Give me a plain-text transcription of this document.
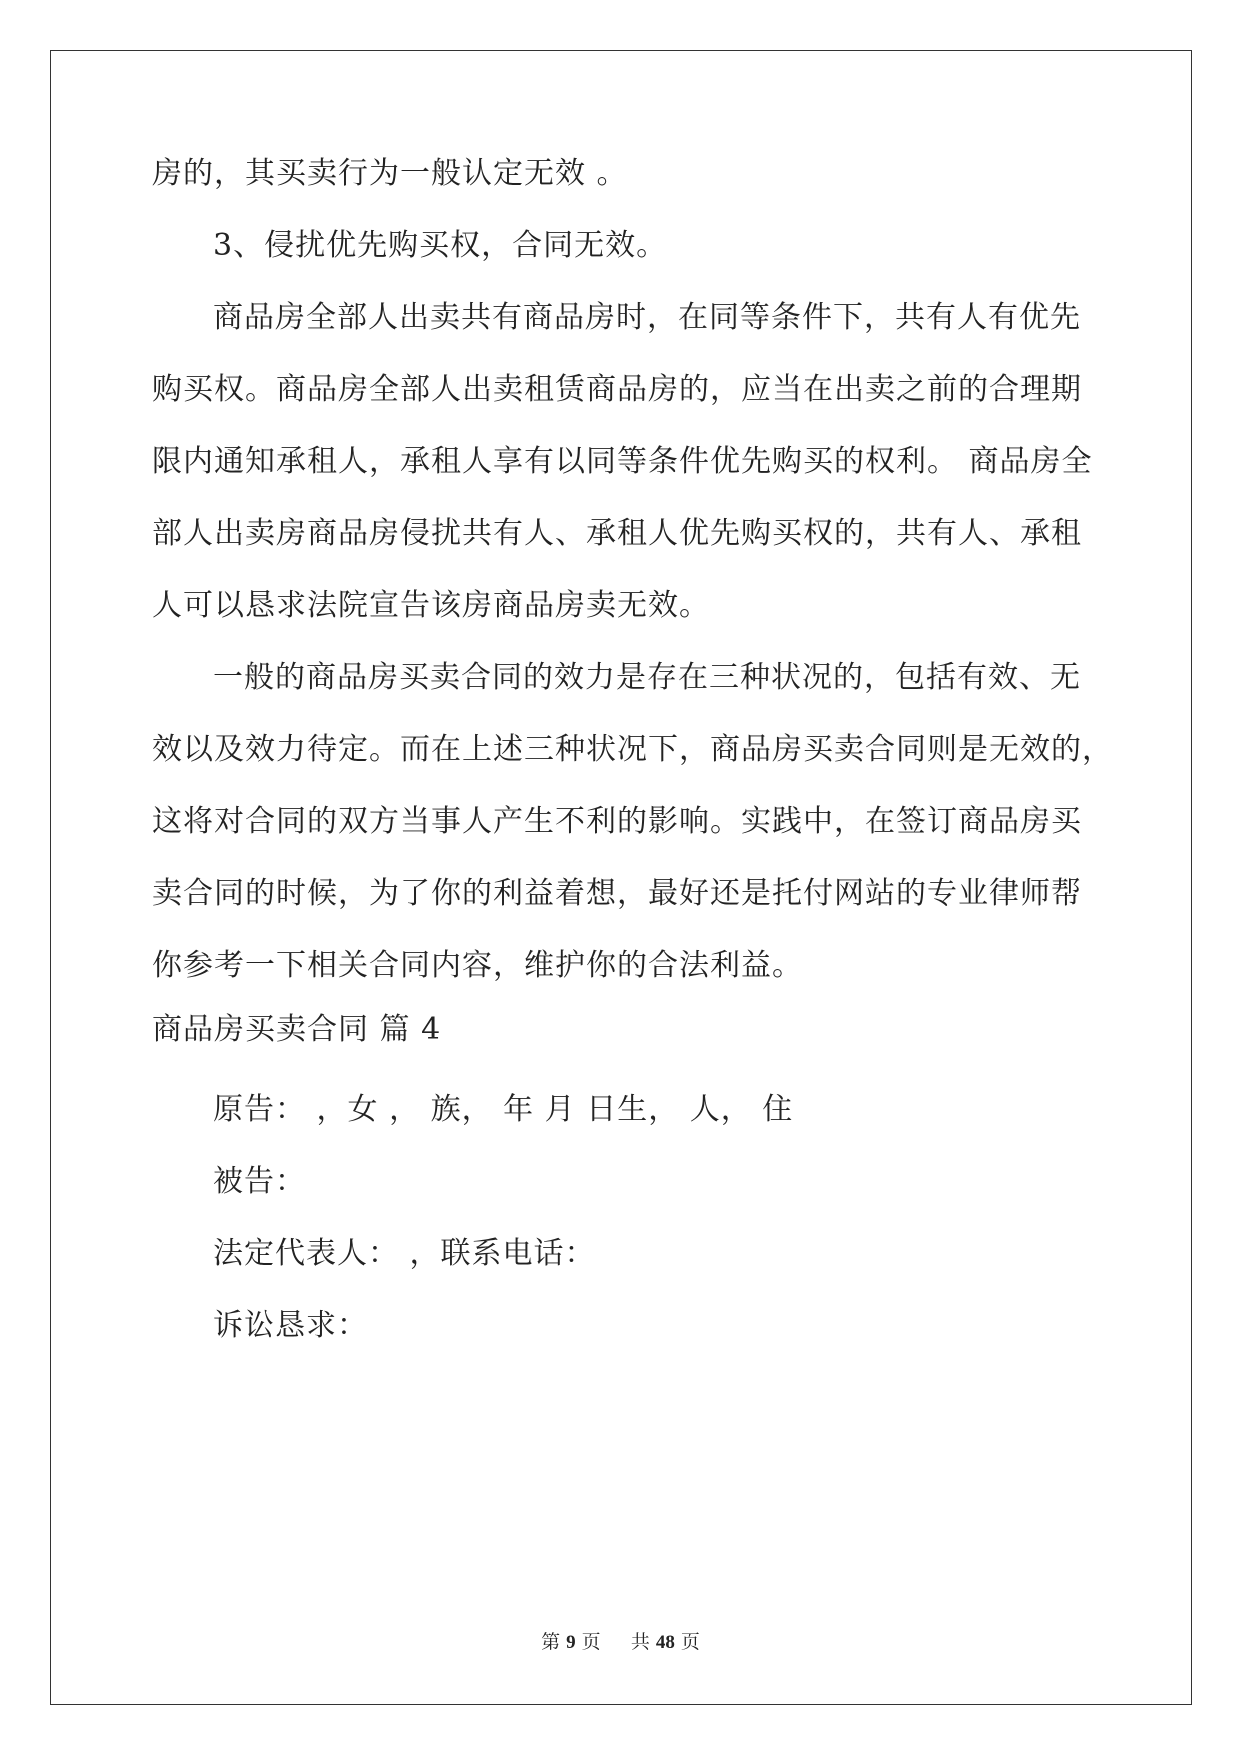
房的，其买卖行为一般认定无效 。
3、侵扰优先购买权，合同无效。
商品房全部人出卖共有商品房时，在同等条件下，共有人有优先
购买权。商品房全部人出卖租赁商品房的，应当在出卖之前的合理期
限内通知承租人，承租人享有以同等条件优先购买的权利。 商品房全
部人出卖房商品房侵扰共有人、承租人优先购买权的，共有人、承租
人可以恳求法院宣告该房商品房卖无效。
一般的商品房买卖合同的效力是存在三种状况的，包括有效、无
效以及效力待定。而在上述三种状况下，商品房买卖合同则是无效的，
这将对合同的双方当事人产生不利的影响。实践中，在签订商品房买
卖合同的时候，为了你的利益着想，最好还是托付网站的专业律师帮
你参考一下相关合同内容，维护你的合法利益。
商品房买卖合同 篇 4
原告： ，女 ， 族， 年 月 日生， 人， 住
被告：
法定代表人： ，联系电话：
诉讼恳求：
第 9 页 共 48 页
